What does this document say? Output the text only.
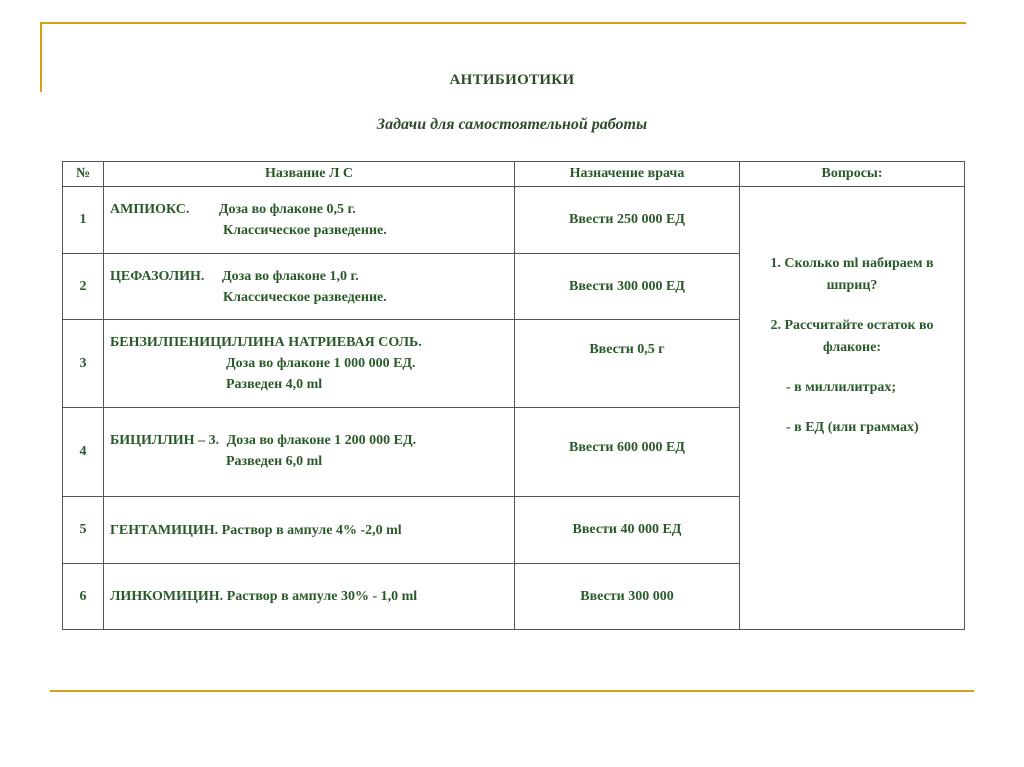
АНТИБИОТИКИ
Задачи для самостоятельной работы
№	Название Л С	Назначение врача	Вопросы:
1	АМПИОКС. Доза во флаконе 0,5 г.
Классическое разведение.	Ввести 250 000 ЕД	1. Сколько ml набираем в шприц?
2. Рассчитайте остаток во флаконе:
- в миллилитрах;
- в ЕД (или граммах)

2	ЦЕФАЗОЛИН. Доза во флаконе 1,0 г.
Классическое разведение.	Ввести 300 000 ЕД	
3	БЕНЗИЛПЕНИЦИЛЛИНА НАТРИЕВАЯ СОЛЬ.
Доза во флаконе 1 000 000 ЕД.
Разведен 4,0 ml	Ввести 0,5 г	
4	БИЦИЛЛИН – 3. Доза во флаконе 1 200 000 ЕД.
Разведен 6,0 ml	Ввести 600 000 ЕД	
5	ГЕНТАМИЦИН. Раствор в ампуле 4% -2,0 ml	Ввести 40 000 ЕД	
6	ЛИНКОМИЦИН. Раствор в ампуле 30% - 1,0 ml	Ввести 300 000	
